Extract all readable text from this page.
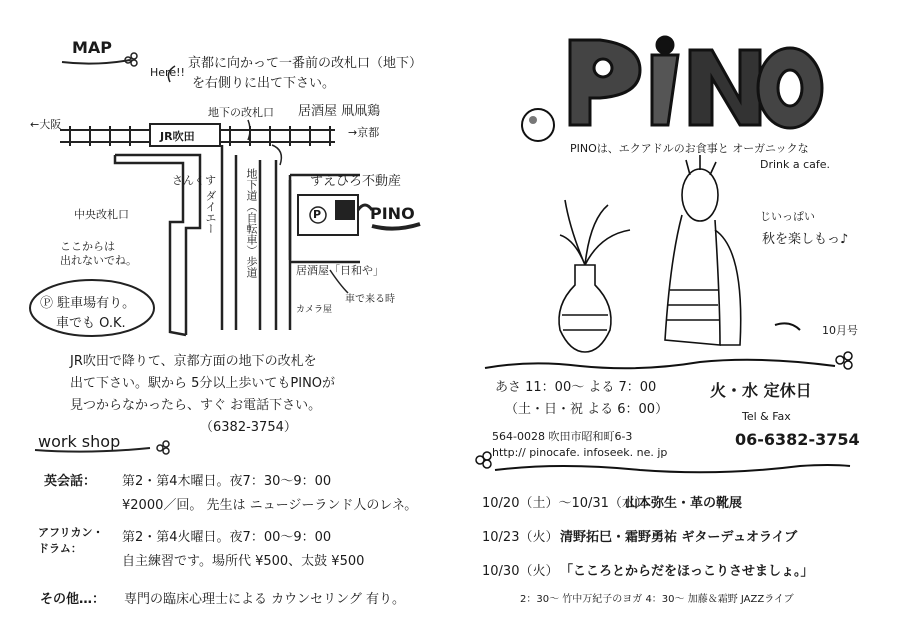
MAP
Here!!
京都に向かって一番前の改札口（地下）
を右側りに出て下さい。
←大阪
→京都
JR吹田
地下の改札口 居酒屋 凧凧鶏
さんくす
中央改札口
ここからは
出れないでね。
ダイエー	地下道（自転車）歩道	すえひろ不動産
PINO
P
居酒屋「日和や」
カメラ屋
車で来る時
Ⓟ 駐車場有り。
車でも O.K.
JR吹田で降りて、京都方面の地下の改札を
出て下さい。駅から 5分以上歩いてもPINOが
見つからなかったら、すぐ お電話下さい。
（6382-3754）
work shop
英会話： 第2・第4木曜日。夜7：30〜9：00
¥2000／回。 先生は ニュージーランド人のレネ。
アフリカン・ドラム：
第2・第4火曜日。夜7：00〜9：00
自主練習です。場所代 ¥500、太鼓 ¥500
その他…： 専門の臨床心理士による カウンセリング 有り。
PINOは、エクアドルのお食事と オーガニックな
Drink a cafe.
じいっぱい
秋を楽しもっ♪
10月号
あさ 11：00〜 よる 7：00
（土・日・祝 よる 6：00）
火・水 定休日
Tel & Fax
06-6382-3754
564-0028 吹田市昭和町6-3
http:// pinocafe. infoseek. ne. jp
10/20（土）〜10/31（水）
山本弥生・革の靴展
10/23（火） 清野拓巳・霜野勇祐 ギターデュオライブ
10/30（火） 「こころとからだをほっこりさせましょ。」
2：30〜 竹中万紀子のヨガ 4：30〜 加藤＆霜野 JAZZライブ
